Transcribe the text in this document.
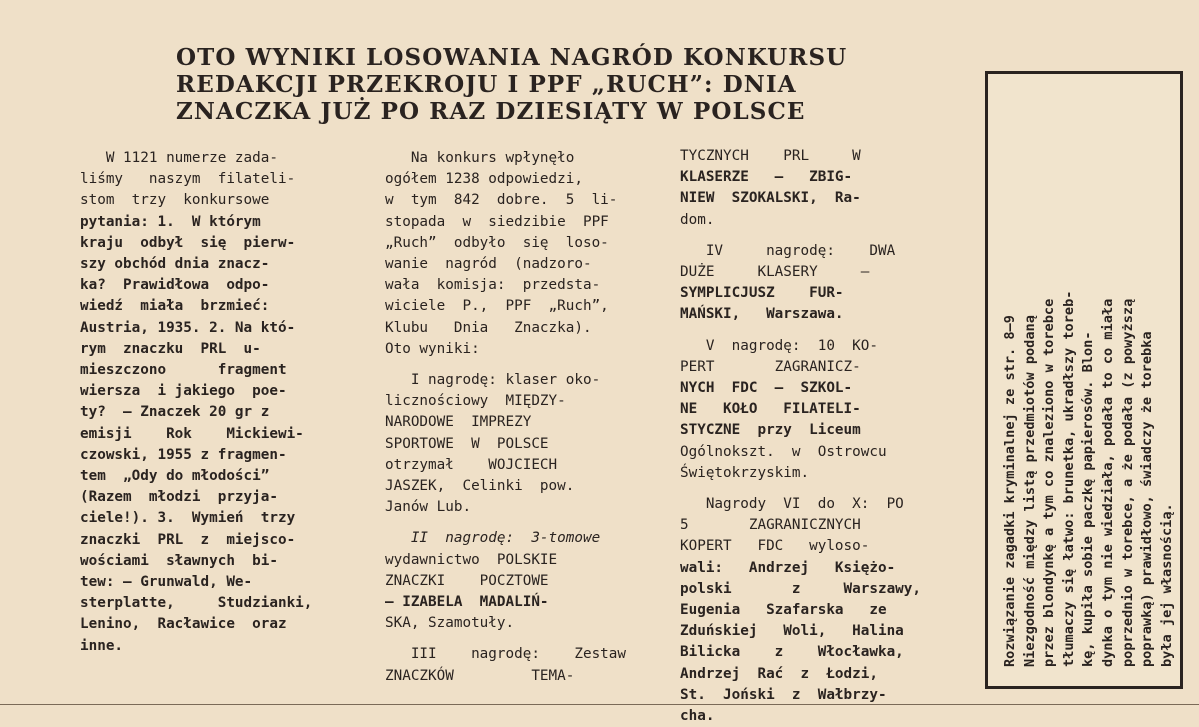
OTO WYNIKI LOSOWANIA NAGRÓD KONKURSU
REDAKCJI PRZEKROJU I PPF „RUCH”: DNIA
ZNACZKA JUŻ PO RAZ DZIESIĄTY W POLSCE
W 1121 numerze zada-
liśmy   naszym  filateli-
stom  trzy  konkursowe
pytania: 1.  W którym
kraju  odbył  się  pierw-
szy obchód dnia znacz-
ka?  Prawidłowa  odpo-
wiedź  miała  brzmieć:
Austria, 1935. 2. Na któ-
rym  znaczku  PRL  u-
mieszczono      fragment
wiersza  i jakiego  poe-
ty?  — Znaczek 20 gr z
emisji    Rok    Mickiewi-
czowski, 1955 z fragmen-
tem  „Ody do młodości”
(Razem  młodzi  przyja-
ciele!). 3.  Wymień  trzy
znaczki  PRL  z  miejsco-
wościami  sławnych  bi-
tew: — Grunwald, We-
sterplatte,     Studzianki,
Lenino,  Racławice  oraz
inne.
Na konkurs wpłynęło
ogółem 1238 odpowiedzi,
w  tym  842  dobre.  5  li-
stopada  w  siedzibie  PPF
„Ruch”  odbyło  się  loso-
wanie  nagród  (nadzoro-
wała  komisja:  przedsta-
wiciele  P.,  PPF  „Ruch”,
Klubu   Dnia   Znaczka).
Oto wyniki:
I nagrodę: klaser oko-
licznościowy  MIĘDZY-
NARODOWE  IMPREZY
SPORTOWE  W  POLSCE
otrzymał    WOJCIECH
JASZEK,  Celinki  pow.
Janów Lub.
II  nagrodę:  3-tomowe
wydawnictwo  POLSKIE
ZNACZKI    POCZTOWE
— IZABELA  MADALIŃ-
SKA, Szamotuły.
III    nagrodę:    Zestaw
ZNACZKÓW         TEMA-
TYCZNYCH    PRL     W
KLASERZE   —   ZBIG-
NIEW  SZOKALSKI,  Ra-
dom.
IV     nagrodę:    DWA
DUŻE     KLASERY     —
SYMPLICJUSZ    FUR-
MAŃSKI,   Warszawa.
V  nagrodę:  10  KO-
PERT       ZAGRANICZ-
NYCH  FDC  —  SZKOL-
NE   KOŁO   FILATELI-
STYCZNE  przy  Liceum
Ogólnokszt.  w  Ostrowcu
Świętokrzyskim.
Nagrody  VI  do  X:  PO
5       ZAGRANICZNYCH
KOPERT   FDC   wyloso-
wali:   Andrzej   Księżo-
polski       z     Warszawy,
Eugenia   Szafarska   ze
Zduńskiej   Woli,   Halina
Bilicka    z    Włocławka,
Andrzej  Rać  z  Łodzi,
St.  Joński  z  Wałbrzy-
cha.
Rozwiązanie zagadki kryminalnej ze str. 8—9 Niezgodność między listą przedmiotów podaną przez blondynkę a tym co znaleziono w torebce tłumaczy się łatwo: brunetka, ukradłszy toreb- kę, kupiła sobie paczkę papierosów. Blon- dynka o tym nie wiedziała, podała to co miała poprzednio w torebce, a że podała (z powyższą poprawką) prawidłowo, świadczy że torebka była jej własnością.
